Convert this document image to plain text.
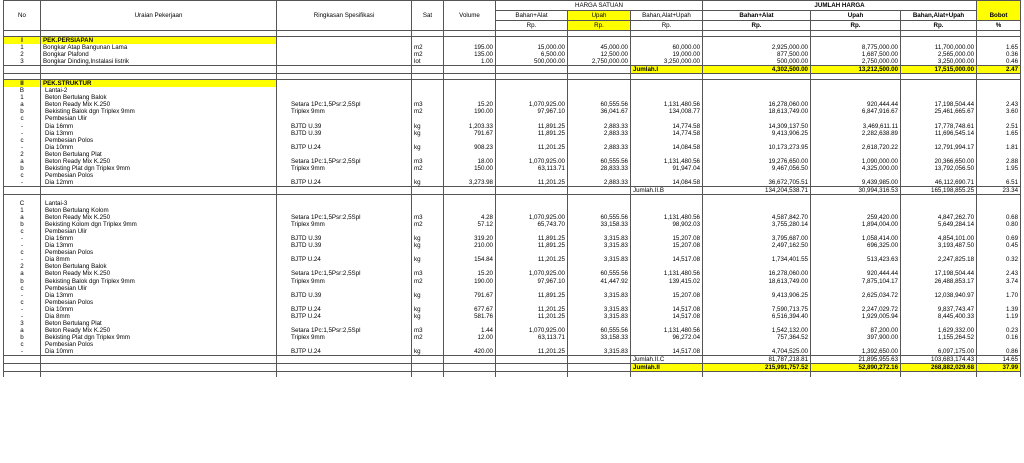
No	Uraian Pekerjaan	Ringkasan Spesifikasi	Sat	Volume	HARGA SATUAN			JUMLAH HARGA			Bobot
					Bahan+Alat	Upah	Bahan,Alat+Upah	Bahan+Alat	Upah	Bahan,Alat+Upah	
					Rp.	Rp.	Rp.	Rp.	Rp.	Rp.	%

I	PEK.PERSIAPAN										
1	Bongkar Atap Bangunan Lama		m2	195.00	15,000.00	45,000.00	60,000.00	2,925,000.00	8,775,000.00	11,700,000.00	1.65
2	Bongkar Plafond		m2	135.00	6,500.00	12,500.00	19,000.00	877,500.00	1,687,500.00	2,565,000.00	0.36
3	Bongkar Dinding,Instalasi listrik		lot	1.00	500,000.00	2,750,000.00	3,250,000.00	500,000.00	2,750,000.00	3,250,000.00	0.46
							Jumlah.I	4,302,500.00	13,212,500.00	17,515,000.00	2.47

II	PEK.STRUKTUR										
B	Lantai-2										
1	Beton Bertulang Balok										
a	Beton Ready Mix K.250	Setara 1Pc:1,5Psr:2,5Spl	m3	15.20	1,070,925.00	60,555.56	1,131,480.56	16,278,060.00	920,444.44	17,198,504.44	2.43
b	Bekisting Balok dgn Triplex 9mm	Triplex 9mm	m2	190.00	97,967.10	36,041.67	134,008.77	18,613,749.00	6,847,916.67	25,461,665.67	3.60
c	Pembesian Ulir										
-	Dia 16mm	BJTD U.39	kg	1,203.33	11,891.25	2,883.33	14,774.58	14,309,137.50	3,469,611.11	17,778,748.61	2.51
-	Dia 13mm	BJTD U.39	kg	791.67	11,891.25	2,883.33	14,774.58	9,413,906.25	2,282,638.89	11,696,545.14	1.65
c	Pembesian Polos										
-	Dia 10mm	BJTP U.24	kg	908.23	11,201.25	2,883.33	14,084.58	10,173,273.95	2,618,720.22	12,791,994.17	1.81
2	Beton Bertulang Plat										
a	Beton Ready Mix K.250	Setara 1Pc:1,5Psr:2,5Spl	m3	18.00	1,070,925.00	60,555.56	1,131,480.56	19,276,650.00	1,090,000.00	20,366,650.00	2.88
b	Bekisting Plat dgn Triplex 9mm	Triplex 9mm	m2	150.00	63,113.71	28,833.33	91,947.04	9,467,056.50	4,325,000.00	13,792,056.50	1.95
c	Pembesian Polos										
-	Dia 12mm	BJTP U.24	kg	3,273.98	11,201.25	2,883.33	14,084.58	36,672,705.51	9,439,985.00	46,112,690.71	6.51
							Jumlah.II.B	134,204,538.71	30,994,316.53	165,198,855.25	23.34

C	Lantai-3										
1	Beton Bertulang Kolom										
a	Beton Ready Mix K.250	Setara 1Pc:1,5Psr:2,5Spl	m3	4.28	1,070,925.00	60,555.56	1,131,480.56	4,587,842.70	259,420.00	4,847,262.70	0.68
b	Bekisting Kolom dgn Triplex 9mm	Triplex 9mm	m2	57.12	65,743.70	33,158.33	98,902.03	3,755,280.14	1,894,004.00	5,649,284.14	0.80
c	Pembesian Ulir										
-	Dia 16mm	BJTD U.39	kg	319.20	11,891.25	3,315.83	15,207.08	3,795,687.00	1,058,414.00	4,854,101.00	0.69
-	Dia 13mm	BJTD U.39	kg	210.00	11,891.25	3,315.83	15,207.08	2,497,162.50	696,325.00	3,193,487.50	0.45
c	Pembesian Polos										
-	Dia 8mm	BJTP U.24	kg	154.84	11,201.25	3,315.83	14,517.08	1,734,401.55	513,423.63	2,247,825.18	0.32
2	Beton Bertulang Balok										
a	Beton Ready Mix K.250	Setara 1Pc:1,5Psr:2,5Spl	m3	15.20	1,070,925.00	60,555.56	1,131,480.56	16,278,060.00	920,444.44	17,198,504.44	2.43
b	Bekisting Balok dgn Triplex 9mm	Triplex 9mm	m2	190.00	97,967.10	41,447.92	139,415.02	18,613,749.00	7,875,104.17	26,488,853.17	3.74
c	Pembesian Ulir										
-	Dia 13mm	BJTD U.39	kg	791.67	11,891.25	3,315.83	15,207.08	9,413,906.25	2,625,034.72	12,038,940.97	1.70
c	Pembesian Polos										
-	Dia 10mm	BJTP U.24	kg	677.67	11,201.25	3,315.83	14,517.08	7,590,713.75	2,247,029.72	9,837,743.47	1.39
-	Dia 8mm	BJTP U.24	kg	581.76	11,201.25	3,315.83	14,517.08	6,516,394.40	1,929,005.94	8,445,400.33	1.19
3	Beton Bertulang Plat										
a	Beton Ready Mix K.250	Setara 1Pc:1,5Psr:2,5Spl	m3	1.44	1,070,925.00	60,555.56	1,131,480.56	1,542,132.00	87,200.00	1,629,332.00	0.23
b	Bekisting Plat dgn Triplex 9mm	Triplex 9mm	m2	12.00	63,113.71	33,158.33	96,272.04	757,364.52	397,900.00	1,155,264.52	0.16
c	Pembesian Polos										
-	Dia 10mm	BJTP U.24	kg	420.00	11,201.25	3,315.83	14,517.08	4,704,525.00	1,392,650.00	6,097,175.00	0.86
							Jumlah.II.C	81,787,218.81	21,895,955.63	103,683,174.43	14.65
							Jumlah.II	215,991,757.52	52,890,272.16	268,882,029.68	37.99
